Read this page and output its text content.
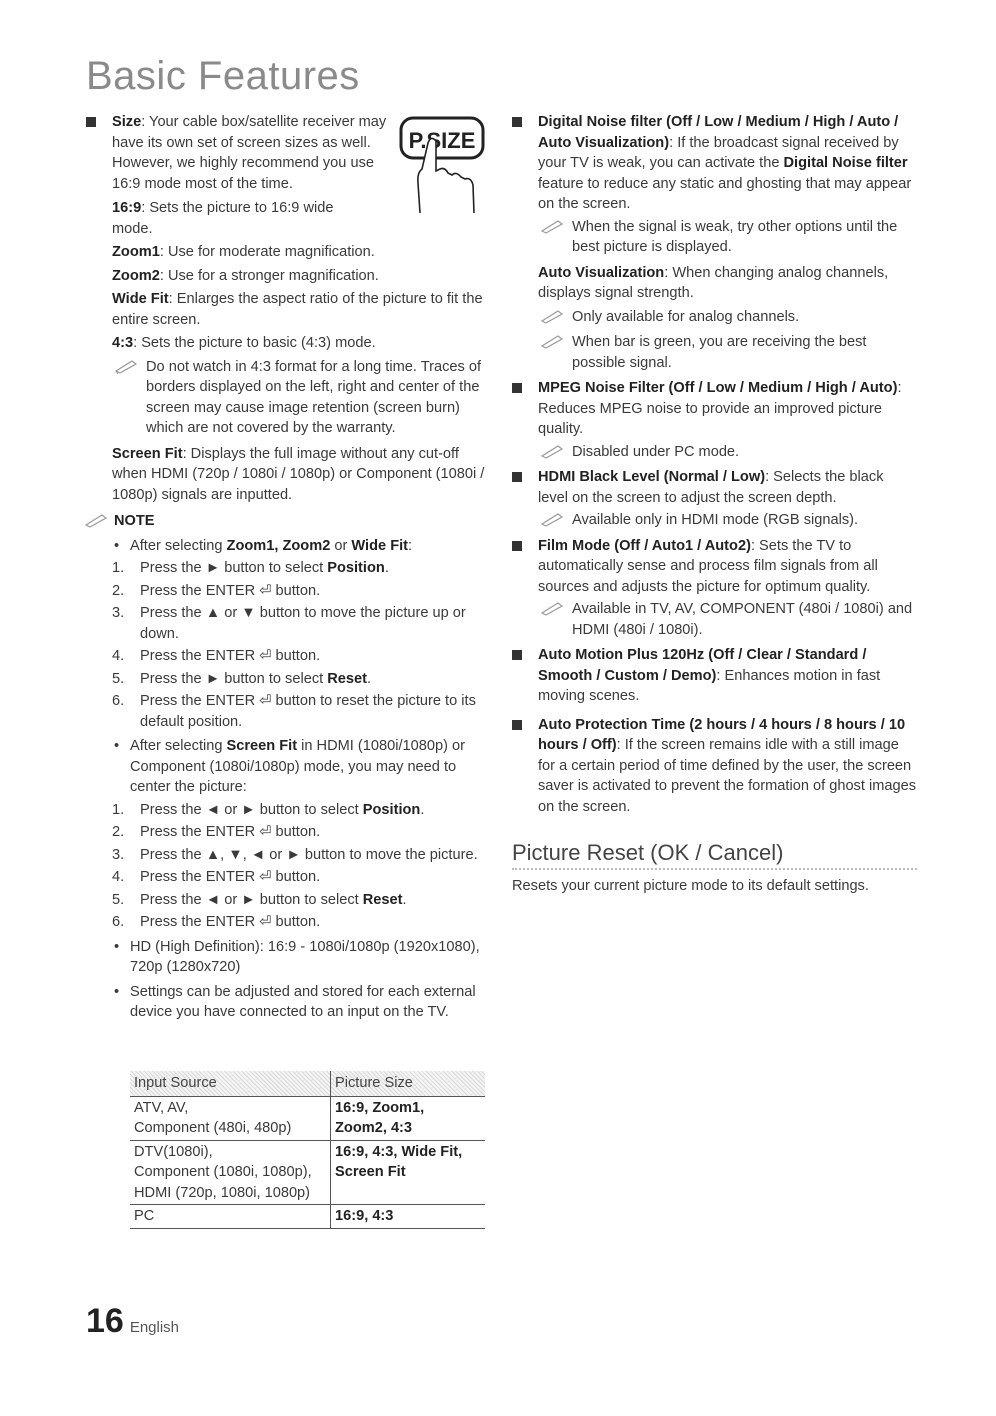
Basic Features
P.SIZE
Size: Your cable box/satellite receiver may have its own set of screen sizes as well. However, we highly recommend you use 16:9 mode most of the time.
16:9: Sets the picture to 16:9 wide mode.
Zoom1: Use for moderate magnification.
Zoom2: Use for a stronger magnification.
Wide Fit: Enlarges the aspect ratio of the picture to fit the entire screen.
4:3: Sets the picture to basic (4:3) mode.
Do not watch in 4:3 format for a long time. Traces of borders displayed on the left, right and center of the screen may cause image retention (screen burn) which are not covered by the warranty.
Screen Fit: Displays the full image without any cut-off when HDMI (720p / 1080i / 1080p) or Component (1080i / 1080p) signals are inputted.
NOTE
• After selecting Zoom1, Zoom2 or Wide Fit:
1. Press the ► button to select Position.
2. Press the ENTER ⏎ button.
3. Press the ▲ or ▼ button to move the picture up or down.
4. Press the ENTER ⏎ button.
5. Press the ► button to select Reset.
6. Press the ENTER ⏎ button to reset the picture to its default position.
• After selecting Screen Fit in HDMI (1080i/1080p) or Component (1080i/1080p) mode, you may need to center the picture:
1. Press the ◄ or ► button to select Position.
2. Press the ENTER ⏎ button.
3. Press the ▲, ▼, ◄ or ► button to move the picture.
4. Press the ENTER ⏎ button.
5. Press the ◄ or ► button to select Reset.
6. Press the ENTER ⏎ button.
• HD (High Definition): 16:9 - 1080i/1080p (1920x1080), 720p (1280x720)
• Settings can be adjusted and stored for each external device you have connected to an input on the TV.
Input Source	Picture Size
ATV, AV,
Component (480i, 480p)	16:9, Zoom1,
Zoom2, 4:3
DTV(1080i),
Component (1080i, 1080p),
HDMI (720p, 1080i, 1080p)	16:9, 4:3, Wide Fit,
Screen Fit
PC	16:9, 4:3
Digital Noise filter (Off / Low / Medium / High / Auto / Auto Visualization): If the broadcast signal received by your TV is weak, you can activate the Digital Noise filter feature to reduce any static and ghosting that may appear on the screen.
When the signal is weak, try other options until the best picture is displayed.
Auto Visualization: When changing analog channels, displays signal strength.
Only available for analog channels.
When bar is green, you are receiving the best possible signal.
MPEG Noise Filter (Off / Low / Medium / High / Auto): Reduces MPEG noise to provide an improved picture quality.
Disabled under PC mode.
HDMI Black Level (Normal / Low): Selects the black level on the screen to adjust the screen depth.
Available only in HDMI mode (RGB signals).
Film Mode (Off / Auto1 / Auto2): Sets the TV to automatically sense and process film signals from all sources and adjusts the picture for optimum quality.
Available in TV, AV, COMPONENT (480i / 1080i) and HDMI (480i / 1080i).
Auto Motion Plus 120Hz (Off / Clear / Standard / Smooth / Custom / Demo): Enhances motion in fast moving scenes.
Auto Protection Time (2 hours / 4 hours / 8 hours / 10 hours / Off): If the screen remains idle with a still image for a certain period of time defined by the user, the screen saver is activated to prevent the formation of ghost images on the screen.
Picture Reset (OK / Cancel)
Resets your current picture mode to its default settings.
16 English
